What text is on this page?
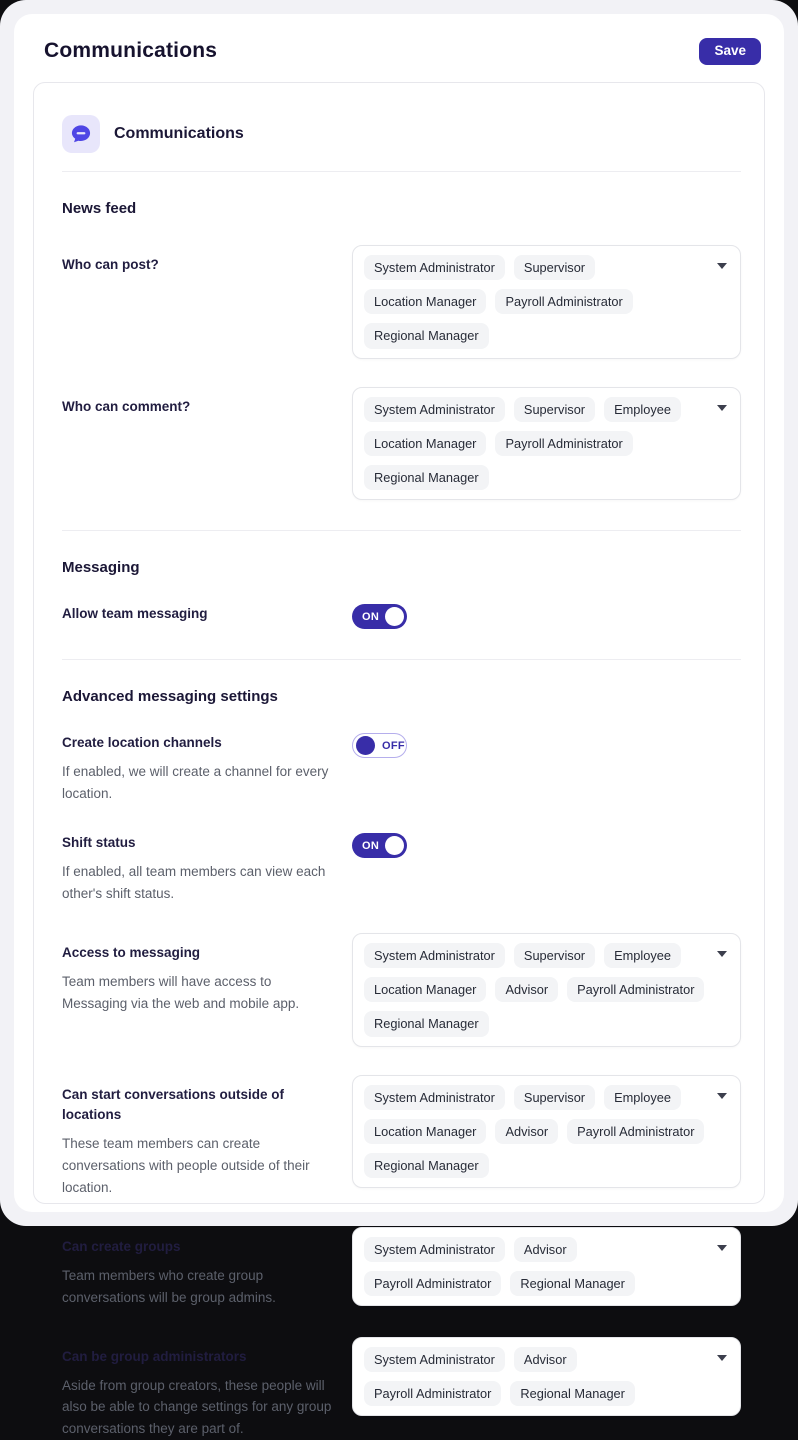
Communications	Save
Communications
News feed
Who can post?	System Administrator	Supervisor
Location Manager	Payroll Administrator
Regional Manager
Who can comment?	System Administrator	Supervisor	Employee
Location Manager	Payroll Administrator
Regional Manager
Messaging
Allow team messaging	ON
Advanced messaging settings
Create location channels
If enabled, we will create a channel for every location.
OFF
Shift status
If enabled, all team members can view each other's shift status.
ON
Access to messaging
Team members will have access to Messaging via the web and mobile app.
System Administrator	Supervisor	Employee
Location Manager	Advisor	Payroll Administrator
Regional Manager
Can start conversations outside of locations
These team members can create conversations with people outside of their location.
System Administrator	Supervisor	Employee
Location Manager	Advisor	Payroll Administrator
Regional Manager
Can create groups
Team members who create group conversations will be group admins.
System Administrator	Advisor
Payroll Administrator	Regional Manager
Can be group administrators
Aside from group creators, these people will also be able to change settings for any group conversations they are part of.
System Administrator	Advisor
Payroll Administrator	Regional Manager
